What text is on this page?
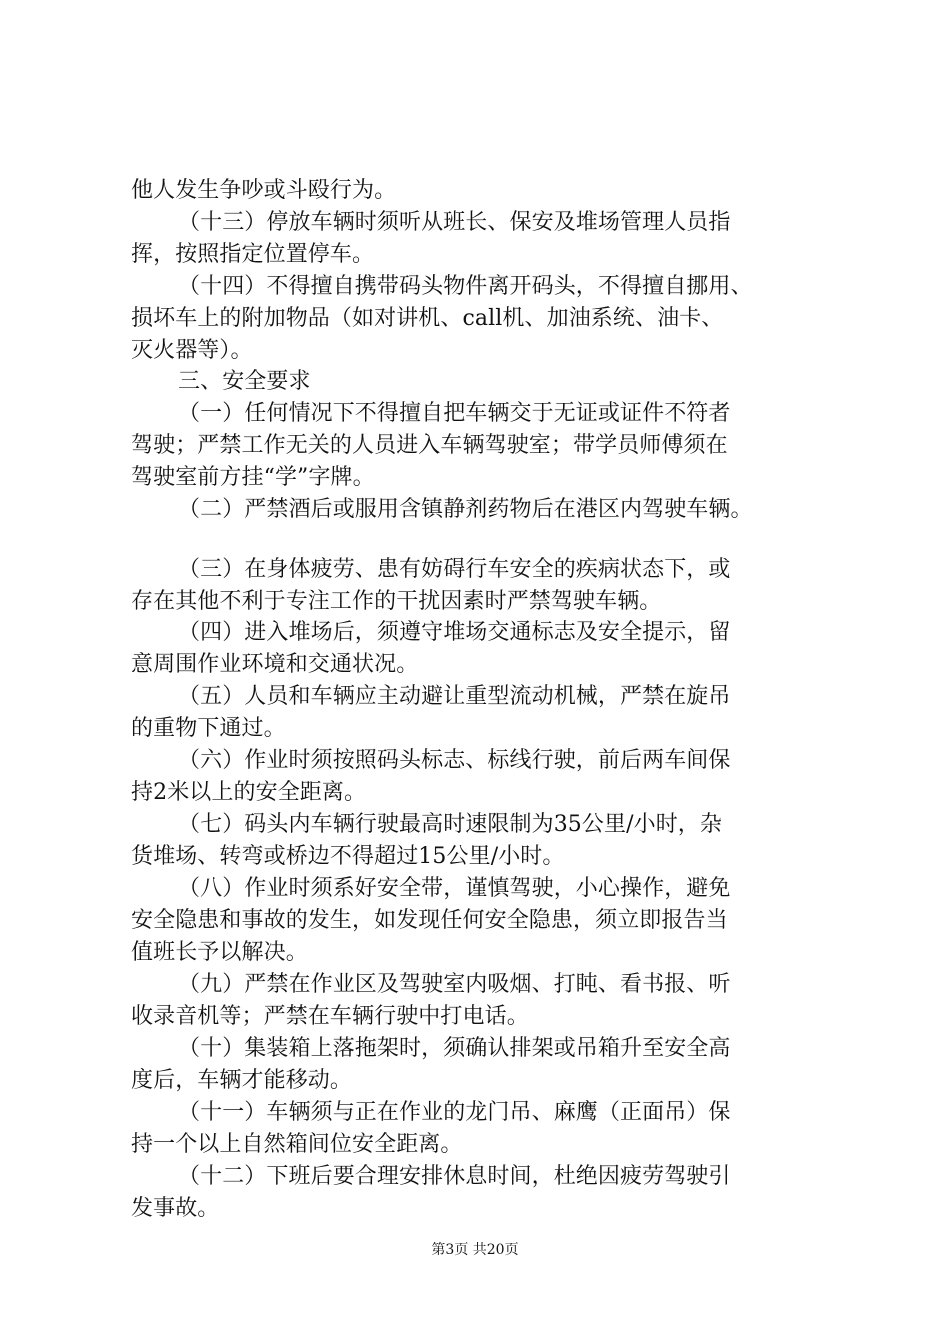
他人发生争吵或斗殴行为。
（十三）停放车辆时须听从班长、保安及堆场管理人员指
挥，按照指定位置停车。
（十四）不得擅自携带码头物件离开码头，不得擅自挪用、
损坏车上的附加物品（如对讲机、call机、加油系统、油卡、
灭火器等）。
三、安全要求
（一）任何情况下不得擅自把车辆交于无证或证件不符者
驾驶；严禁工作无关的人员进入车辆驾驶室；带学员师傅须在
驾驶室前方挂“学”字牌。
（二）严禁酒后或服用含镇静剂药物后在港区内驾驶车辆。
（三）在身体疲劳、患有妨碍行车安全的疾病状态下，或
存在其他不利于专注工作的干扰因素时严禁驾驶车辆。
（四）进入堆场后，须遵守堆场交通标志及安全提示，留
意周围作业环境和交通状况。
（五）人员和车辆应主动避让重型流动机械，严禁在旋吊
的重物下通过。
（六）作业时须按照码头标志、标线行驶，前后两车间保
持2米以上的安全距离。
（七）码头内车辆行驶最高时速限制为35公里/小时，杂
货堆场、转弯或桥边不得超过15公里/小时。
（八）作业时须系好安全带，谨慎驾驶，小心操作，避免
安全隐患和事故的发生，如发现任何安全隐患，须立即报告当
值班长予以解决。
（九）严禁在作业区及驾驶室内吸烟、打盹、看书报、听
收录音机等；严禁在车辆行驶中打电话。
（十）集装箱上落拖架时，须确认排架或吊箱升至安全高
度后，车辆才能移动。
（十一）车辆须与正在作业的龙门吊、麻鹰（正面吊）保
持一个以上自然箱间位安全距离。
（十二）下班后要合理安排休息时间，杜绝因疲劳驾驶引
发事故。
第3页 共20页
